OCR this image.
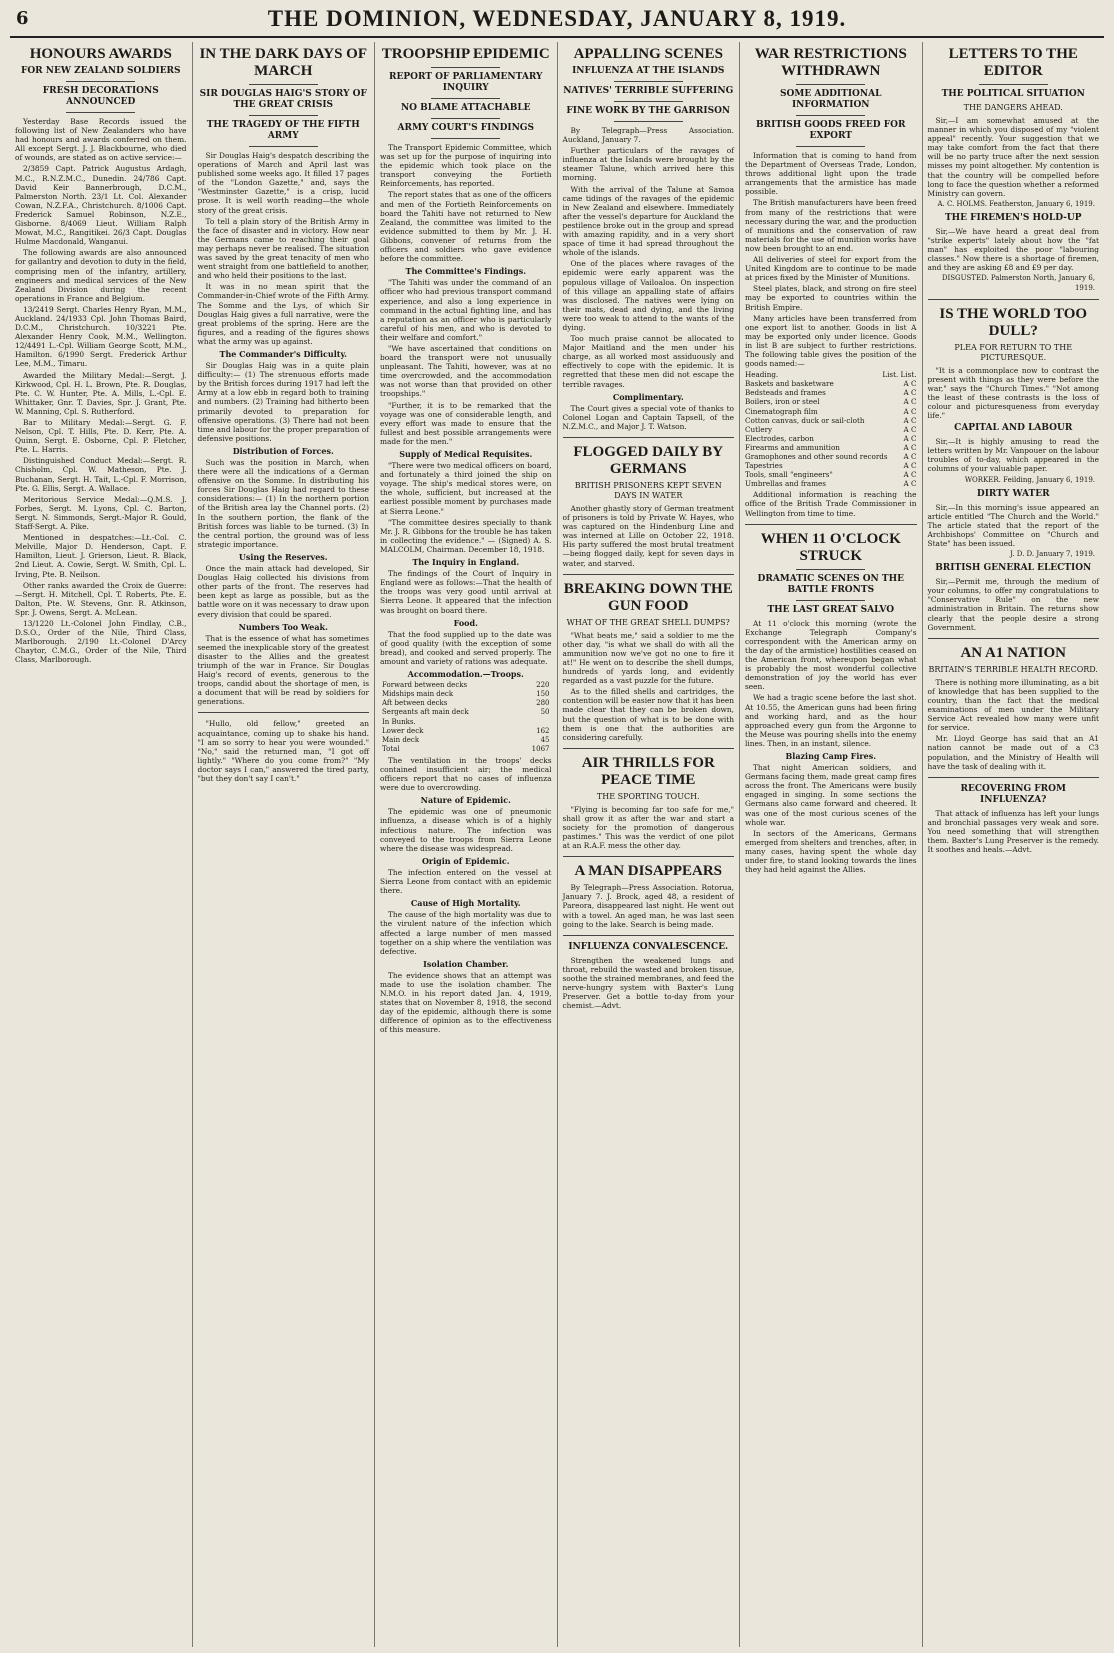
6	THE DOMINION, WEDNESDAY, JANUARY 8, 1919.
HONOURS AWARDS
FOR NEW ZEALAND SOLDIERS
FRESH DECORATIONS ANNOUNCED

Yesterday Base Records issued the following list of New Zealanders who have had honours and awards conferred on them. All except Sergt. J. J. Blackbourne, who died of wounds, are stated as on active service:—

2/3859 Capt. Patrick Augustus Ardagh, M.C., R.N.Z.M.C., Dunedin. 24/786 Capt. David Keir Bannerbrough, D.C.M., Palmerston North. 23/1 Lt. Col. Alexander Cowan, N.Z.F.A., Christchurch. 8/1006 Capt. Frederick Samuel Robinson, N.Z.E., Gisborne. 8/4069 Lieut. William Ralph Mowat, M.C., Rangitikei. 26/3 Capt. Douglas Hulme Macdonald, Wanganui.

The following awards are also announced for gallantry and devotion to duty in the field, comprising men of the infantry, artillery, engineers and medical services of the New Zealand Division during the recent operations in France and Belgium.

13/2419 Sergt. Charles Henry Ryan, M.M., Auckland. 24/1933 Cpl. John Thomas Baird, D.C.M., Christchurch. 10/3221 Pte. Alexander Henry Cook, M.M., Wellington. 12/4491 L.-Cpl. William George Scott, M.M., Hamilton. 6/1990 Sergt. Frederick Arthur Lee, M.M., Timaru.

Awarded the Military Medal:—Sergt. J. Kirkwood, Cpl. H. L. Brown, Pte. R. Douglas, Pte. C. W. Hunter, Pte. A. Mills, L.-Cpl. E. Whittaker, Gnr. T. Davies, Spr. J. Grant, Pte. W. Manning, Cpl. S. Rutherford.

Bar to Military Medal:—Sergt. G. F. Nelson, Cpl. T. Hills, Pte. D. Kerr, Pte. A. Quinn, Sergt. E. Osborne, Cpl. P. Fletcher, Pte. L. Harris.

Distinguished Conduct Medal:—Sergt. R. Chisholm, Cpl. W. Matheson, Pte. J. Buchanan, Sergt. H. Tait, L.-Cpl. F. Morrison, Pte. G. Ellis, Sergt. A. Wallace.

Meritorious Service Medal:—Q.M.S. J. Forbes, Sergt. M. Lyons, Cpl. C. Barton, Sergt. N. Simmonds, Sergt.-Major R. Gould, Staff-Sergt. A. Pike.

Mentioned in despatches:—Lt.-Col. C. Melville, Major D. Henderson, Capt. F. Hamilton, Lieut. J. Grierson, Lieut. R. Black, 2nd Lieut. A. Cowie, Sergt. W. Smith, Cpl. L. Irving, Pte. B. Neilson.

Other ranks awarded the Croix de Guerre:—Sergt. H. Mitchell, Cpl. T. Roberts, Pte. E. Dalton, Pte. W. Stevens, Gnr. R. Atkinson, Spr. J. Owens, Sergt. A. McLean.

13/1220 Lt.-Colonel John Findlay, C.B., D.S.O., Order of the Nile, Third Class, Marlborough. 2/190 Lt.-Colonel D'Arcy Chaytor, C.M.G., Order of the Nile, Third Class, Marlborough.

IN THE DARK DAYS OF MARCH
SIR DOUGLAS HAIG'S STORY OF THE GREAT CRISIS
THE TRAGEDY OF THE FIFTH ARMY

Sir Douglas Haig's despatch describing the operations of March and April last was published some weeks ago. It filled 17 pages of the "London Gazette," and, says the "Westminster Gazette," is a crisp, lucid prose. It is well worth reading—the whole story of the great crisis.

To tell a plain story of the British Army in the face of disaster and in victory. How near the Germans came to reaching their goal may perhaps never be realised. The situation was saved by the great tenacity of men who went straight from one battlefield to another, and who held their positions to the last.

It was in no mean spirit that the Commander-in-Chief wrote of the Fifth Army. The Somme and the Lys, of which Sir Douglas Haig gives a full narrative, were the great problems of the spring. Here are the figures, and a reading of the figures shows what the army was up against.

The Commander's Difficulty.

Sir Douglas Haig was in a quite plain difficulty:— (1) The strenuous efforts made by the British forces during 1917 had left the Army at a low ebb in regard both to training and numbers. (2) Training had hitherto been primarily devoted to preparation for offensive operations. (3) There had not been time and labour for the proper preparation of defensive positions.

Distribution of Forces.

Such was the position in March, when there were all the indications of a German offensive on the Somme. In distributing his forces Sir Douglas Haig had regard to these considerations:— (1) In the northern portion of the British area lay the Channel ports. (2) In the southern portion, the flank of the British forces was liable to be turned. (3) In the central portion, the ground was of less strategic importance.

Using the Reserves.

Once the main attack had developed, Sir Douglas Haig collected his divisions from other parts of the front. The reserves had been kept as large as possible, but as the battle wore on it was necessary to draw upon every division that could be spared.

Numbers Too Weak.

That is the essence of what has sometimes seemed the inexplicable story of the greatest disaster to the Allies and the greatest triumph of the war in France. Sir Douglas Haig's record of events, generous to the troops, candid about the shortage of men, is a document that will be read by soldiers for generations.

"Hullo, old fellow," greeted an acquaintance, coming up to shake his hand. "I am so sorry to hear you were wounded." "No," said the returned man, "I got off lightly." "Where do you come from?" "My doctor says I can," answered the tired party, "but they don't say I can't."

TROOPSHIP EPIDEMIC
REPORT OF PARLIAMENTARY INQUIRY
NO BLAME ATTACHABLE
ARMY COURT'S FINDINGS

The Transport Epidemic Committee, which was set up for the purpose of inquiring into the epidemic which took place on the transport conveying the Fortieth Reinforcements, has reported.

The report states that as one of the officers and men of the Fortieth Reinforcements on board the Tahiti have not returned to New Zealand, the committee was limited to the evidence submitted to them by Mr. J. H. Gibbons, convener of returns from the officers and soldiers who gave evidence before the committee.

The Committee's Findings.

"The Tahiti was under the command of an officer who had previous transport command experience, and also a long experience in command in the actual fighting line, and has a reputation as an officer who is particularly careful of his men, and who is devoted to their welfare and comfort."

"We have ascertained that conditions on board the transport were not unusually unpleasant. The Tahiti, however, was at no time overcrowded, and the accommodation was not worse than that provided on other troopships."

"Further, it is to be remarked that the voyage was one of considerable length, and every effort was made to ensure that the fullest and best possible arrangements were made for the men."

Supply of Medical Requisites.

"There were two medical officers on board, and fortunately a third joined the ship on voyage. The ship's medical stores were, on the whole, sufficient, but increased at the earliest possible moment by purchases made at Sierra Leone."

"The committee desires specially to thank Mr. J. R. Gibbons for the trouble he has taken in collecting the evidence." — (Signed) A. S. MALCOLM, Chairman. December 18, 1918.

The Inquiry in England.

The findings of the Court of Inquiry in England were as follows:—That the health of the troops was very good until arrival at Sierra Leone. It appeared that the infection was brought on board there.

Food.

That the food supplied up to the date was of good quality (with the exception of some bread), and cooked and served properly. The amount and variety of rations was adequate.

Accommodation.—Troops.
Forward between decks	220
Midships main deck	150
Aft between decks	280
Sergeants aft main deck	50
In Bunks.	
Lower deck	162
Main deck	45
Total	1067

The ventilation in the troops' decks contained insufficient air; the medical officers report that no cases of influenza were due to overcrowding.

Nature of Epidemic.

The epidemic was one of pneumonic influenza, a disease which is of a highly infectious nature. The infection was conveyed to the troops from Sierra Leone where the disease was widespread.

Origin of Epidemic.

The infection entered on the vessel at Sierra Leone from contact with an epidemic there.

Cause of High Mortality.

The cause of the high mortality was due to the virulent nature of the infection which affected a large number of men massed together on a ship where the ventilation was defective.

Isolation Chamber.

The evidence shows that an attempt was made to use the isolation chamber. The N.M.O. in his report dated Jan. 4, 1919, states that on November 8, 1918, the second day of the epidemic, although there is some difference of opinion as to the effectiveness of this measure.

APPALLING SCENES
INFLUENZA AT THE ISLANDS
NATIVES' TERRIBLE SUFFERING
FINE WORK BY THE GARRISON

By Telegraph—Press Association. Auckland, January 7.

Further particulars of the ravages of influenza at the Islands were brought by the steamer Talune, which arrived here this morning.

With the arrival of the Talune at Samoa came tidings of the ravages of the epidemic in New Zealand and elsewhere. Immediately after the vessel's departure for Auckland the pestilence broke out in the group and spread with amazing rapidity, and in a very short space of time it had spread throughout the whole of the islands.

One of the places where ravages of the epidemic were early apparent was the populous village of Vailoaloa. On inspection of this village an appalling state of affairs was disclosed. The natives were lying on their mats, dead and dying, and the living were too weak to attend to the wants of the dying.

Too much praise cannot be allocated to Major Maitland and the men under his charge, as all worked most assiduously and effectively to cope with the epidemic. It is regretted that these men did not escape the terrible ravages.

Complimentary.

The Court gives a special vote of thanks to Colonel Logan and Captain Tapsell, of the N.Z.M.C., and Major J. T. Watson.

FLOGGED DAILY BY GERMANS
BRITISH PRISONERS KEPT SEVEN DAYS IN WATER

Another ghastly story of German treatment of prisoners is told by Private W. Hayes, who was captured on the Hindenburg Line and was interned at Lille on October 22, 1918. His party suffered the most brutal treatment—being flogged daily, kept for seven days in water, and starved.

BREAKING DOWN THE GUN FOOD
WHAT OF THE GREAT SHELL DUMPS?

"What beats me," said a soldier to me the other day, "is what we shall do with all the ammunition now we've got no one to fire it at!" He went on to describe the shell dumps, hundreds of yards long, and evidently regarded as a vast puzzle for the future.

As to the filled shells and cartridges, the contention will be easier now that it has been made clear that they can be broken down, but the question of what is to be done with them is one that the authorities are considering carefully.

AIR THRILLS FOR PEACE TIME
THE SPORTING TOUCH.

"Flying is becoming far too safe for me," shall grow it as after the war and start a society for the promotion of dangerous pastimes." This was the verdict of one pilot at an R.A.F. mess the other day.

A MAN DISAPPEARS

By Telegraph—Press Association. Rotorua, January 7. J. Brock, aged 48, a resident of Pareora, disappeared last night. He went out with a towel. An aged man, he was last seen going to the lake. Search is being made.

INFLUENZA CONVALESCENCE.

Strengthen the weakened lungs and throat, rebuild the wasted and broken tissue, soothe the strained membranes, and feed the nerve-hungry system with Baxter's Lung Preserver. Get a bottle to-day from your chemist.—Advt.

WAR RESTRICTIONS WITHDRAWN
SOME ADDITIONAL INFORMATION
BRITISH GOODS FREED FOR EXPORT

Information that is coming to hand from the Department of Overseas Trade, London, throws additional light upon the trade arrangements that the armistice has made possible.

The British manufacturers have been freed from many of the restrictions that were necessary during the war, and the production of munitions and the conservation of raw materials for the use of munition works have now been brought to an end.

All deliveries of steel for export from the United Kingdom are to continue to be made at prices fixed by the Minister of Munitions.

Steel plates, black, and strong on fire steel may be exported to countries within the British Empire.

Many articles have been transferred from one export list to another. Goods in list A may be exported only under licence. Goods in list B are subject to further restrictions. The following table gives the position of the goods named:—

Heading.	List. List.
Baskets and basketware	A C
Bedsteads and frames	A C
Boilers, iron or steel	A C
Cinematograph film	A C
Cotton canvas, duck or sail-cloth	A C
Cutlery	A C
Electrodes, carbon	A C
Firearms and ammunition	A C
Gramophones and other sound records A C
Tapestries	A C
Tools, small "engineers"	A C
Umbrellas and frames	A C

Additional information is reaching the office of the British Trade Commissioner in Wellington from time to time.

WHEN 11 O'CLOCK STRUCK
DRAMATIC SCENES ON THE BATTLE FRONTS
THE LAST GREAT SALVO

At 11 o'clock this morning (wrote the Exchange Telegraph Company's correspondent with the American army on the day of the armistice) hostilities ceased on the American front, whereupon began what is probably the most wonderful collective demonstration of joy the world has ever seen.

We had a tragic scene before the last shot. At 10.55, the American guns had been firing and working hard, and as the hour approached every gun from the Argonne to the Meuse was pouring shells into the enemy lines. Then, in an instant, silence.

Blazing Camp Fires.

That night American soldiers, and Germans facing them, made great camp fires across the front. The Americans were busily engaged in singing. In some sections the Germans also came forward and cheered. It was one of the most curious scenes of the whole war.

In sectors of the Americans, Germans emerged from shelters and trenches, after, in many cases, having spent the whole day under fire, to stand looking towards the lines they had held against the Allies.

LETTERS TO THE EDITOR
THE POLITICAL SITUATION
THE DANGERS AHEAD.

Sir,—I am somewhat amused at the manner in which you disposed of my "violent appeal" recently. Your suggestion that we may take comfort from the fact that there will be no party truce after the next session misses my point altogether. My contention is that the country will be compelled before long to face the question whether a reformed Ministry can govern.

A. C. HOLMS. Featherston, January 6, 1919.
THE FIREMEN'S HOLD-UP

Sir,—We have heard a great deal from "strike experts" lately about how the "fat man" has exploited the poor "labouring classes." Now there is a shortage of firemen, and they are asking £8 and £9 per day.

DISGUSTED. Palmerston North, January 6, 1919.
IS THE WORLD TOO DULL?
PLEA FOR RETURN TO THE PICTURESQUE.

"It is a commonplace now to contrast the present with things as they were before the war," says the "Church Times." "Not among the least of these contrasts is the loss of colour and picturesqueness from everyday life."

CAPITAL AND LABOUR

Sir,—It is highly amusing to read the letters written by Mr. Vanpouer on the labour troubles of to-day, which appeared in the columns of your valuable paper.

WORKER. Feilding, January 6, 1919.
DIRTY WATER

Sir,—In this morning's issue appeared an article entitled "The Church and the World." The article stated that the report of the Archbishops' Committee on "Church and State" has been issued.

J. D. D. January 7, 1919.
BRITISH GENERAL ELECTION

Sir,—Permit me, through the medium of your columns, to offer my congratulations to "Conservative Rule" on the new administration in Britain. The returns show clearly that the people desire a strong Government.

AN A1 NATION
BRITAIN'S TERRIBLE HEALTH RECORD.

There is nothing more illuminating, as a bit of knowledge that has been supplied to the country, than the fact that the medical examinations of men under the Military Service Act revealed how many were unfit for service.

Mr. Lloyd George has said that an A1 nation cannot be made out of a C3 population, and the Ministry of Health will have the task of dealing with it.

RECOVERING FROM INFLUENZA?

That attack of influenza has left your lungs and bronchial passages very weak and sore. You need something that will strengthen them. Baxter's Lung Preserver is the remedy. It soothes and heals.—Advt.
